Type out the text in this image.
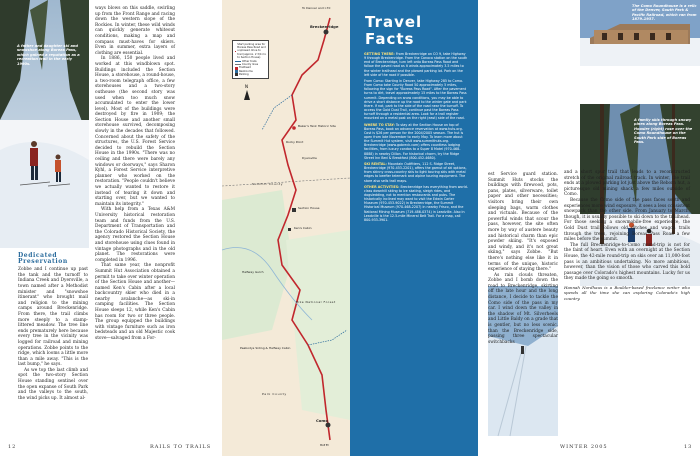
A father and daughter ski and snowshoe along Boreas Pass, which gained a reputation as a recreation trail in the early 1990s.
Dedicated Preservation

Zobbe and I continue up past the tank and the turnoff to Indiana Creek and Dyersville, a town named after a Methodist minister and "snowshoe itinerant" who brought mail and religion to the mining camps around Breckenridge. From there, the trail climbs more steeply to a stamp-littered meadow. The tree line ends prematurely here because every tree in the vicinity was logged for railroad and mining operations. Zobbe points to the ridge, which looms a little more than a mile away. "This is the last bump," he says.

As we top the last climb and spot the two-story Section House standing sentinel over the open expanse of South Park and the valleys to the south, the wind picks up. It almost al-

ways blows on this saddle, swirling up from the Front Range and racing down the western slope of the Rockies. In winter, these wild winds can quickly generate whiteout conditions, making a map and compass must-haves for skiers. Even in summer, extra layers of clothing are essential.

In 1886, 150 people lived and worked at this windblown spot. Buildings included the Section House, a storehouse, a round-house, a two-room telegraph office, a few storehouses and a two-story outhouse (the second story was used when too much snow accumulated to enter the lower level). Most of the buildings were destroyed by fire in 1909; the Section House and another small storehouse survived, decomposing slowly in the decades that followed. Concerned about the safety of the structures, the U.S. Forest Service decided to rebuild the Section House in the 1990s. "There was no ceiling and there were barely any windows or doorways," says Sharon Kyhl, a Forest Service interpretive planner who worked on the restoration. "People couldn't believe we actually wanted to restore it instead of tearing it down and starting over, but we wanted to maintain its integrity."

With help from a Texas A&M University historical restoration team and funds from the U.S. Department of Transportation and the Colorado Historical Society, the agency restored the Section House and storehouse using clues found in vintage photographs and in the old planet. The restorations were completed in 1996.

That same year, the nonprofit Summit Hut Association obtained a permit to take over winter operation of the Section House and another—named Ken's Cabin after a local backcountry skier who died in a nearby avalanche—as ski-in camping facilities. The Section House sleeps 12, while Ken's Cabin has room for two or three people. The group equipped the buildings with vintage furniture such as iron bedsteads and an old Majestic cook stove—salvaged from a For-

N
To Denver and I-70
Breckenridge
Baker's Tank Historic Site
Section House
Ken's Cabin
Como
Dyersville
Summit County
Pike National Forest
Park County
Rocky Point
Halfway Gulch
Peabodys Siding & Halfway Cabin
Start parking area for Boreas Pass Road and unplowed drive to trail (approx. 2 3/4 mi. to Section House)
Other trails
County lines
Trailhead
Restrooms
Parking
MAP BY
12	RAILS TO TRAILS
Travel
Facts

GETTING THERE: From Breckenridge on CO 9, take Highway 9 through Breckenridge. From the Conoco station on the south end of Breckenridge, turn left onto Boreas Pass Road and follow the paved road as it winds approximately 3.5 miles to the winter trailhead and the plowed parking lot. Park on the left side of the road if possible.

From Como: Starting in Denver, take Highway 285 to Como. From Como take County Road 50 approximately 5 miles, following the sign for "Boreas Pass Road". After the pavement turns to dirt, travel approximately 15 miles to the Boreas Pass summit. Depending on snow conditions, you may be able to drive a short distance up the road to the winter gate and park there. If not, park to the side of the road near the turnoff. To access the Gold Dust Trail, continue past the Boreas Pass turnoff through a residential area. Look for a trail register mounted on a metal post on the right (east) side of the road.

WHERE TO STAY: To stay at the Section House on top of Boreas Pass, book an advance reservation at www.huts.org. Cost is $26 per person for the 2004/2005 season. The hut is open from late November to early May. To learn more about the Summit Hut system, visit www.summithuts.org. Breckenridge (www.gobreck.com) offers countless lodging facilities, from luxury condos to a Super 8 Motel (970-468-8888) in nearby Dillon. For historical charm, try the Ridge Street Inn Bed & Breakfast (800-452-4680).

SKI RENTAL: Mountain Outfitters, 112 S. Ridge Street, Breckenridge (970-453-2201), offers the gamut of ski options, from skinny cross-country skis to light touring skis with metal edges to beefier telemark and alpine touring equipment. The store also sells trail maps.

OTHER ACTIVITIES: Breckenridge has everything from world-class downhill skiing to ice skating, sleigh rides, and dogsledding, not to mention restaurants and pubs. The historically inclined may want to visit the Edwin Carter Museum (970-453-9022) in Breckenridge, the Summit Historical Museum (970-468-2207) in nearby Frisco, and the National Mining Museum (719-486-0374) in Leadville. Also in Leadville is the 12.5-mile Mineral Belt Trail. For a map, call 800-933-3901.

The Como Roundhouse is a relic of the Denver, South Park & Pacific Railroad, which ran from 1879–1937.
A family skis through snowy pines along Boreas Pass. Hoosier (right) rose over the Como Roundhouse on the South Park side of Boreas Pass.

est Service guard station. Summit Huts stocks the buildings with firewood, pots, pans, plates, silverware, toilet paper and other necessities; visitors bring their own sleeping bags, warm clothes and victuals. Because of the powerful winds that scour the pass, however, the site often more by way of austere beauty and historical charm than epic powder skiing. "It's exposed and windy, and it's not great skiing," says Zobbe. "But there's nothing else like it in terms of the unique, historic experience of staying there."

As rain clouds threaten, Zobbe and I bomb down the road to Breckenridge, skirting off the late hour and the long distance, I decide to tackle the Como side of the pass in my car. I wind down the valley in the shadow of Mt. Silverheels and Little Baldy on a grade that is gentler, but no less scenic, than the Breckenridge side, passing three spectacular switchbacks

and a short spur trail that leads to a reconstructed stretch of the original railroad track. In winter, the trail ends at a plowed parking lot just above the Reborn hut, a picturesque old mining shack a few miles outside of Como.

Because the Como side of the pass faces south and experiences more wind exposure, it sees a less consistent snowpack than the other side. From January to March, though, it is usually possible to ski down to the trailhead. For those seeking a snowmobile-free experience, the Gold Dust trail follows old ditches and wagon trails through the trees, rejoining Boreas Pass Road a few miles before the summit.

The full Breckenridge-to-Como round-trip is not for the faint of heart. Even with an overnight at the Section House, the 42-mile round-trip on skis over an 11,000-foot pass is an ambitious undertaking. No more ambitious, however, than the vision of those who carved this bold passage over Colorado's highest mountains. Lucky for us they made the going so smooth.

Hannah Nordhaus is a Boulder-based freelance writer who spends all the time she can exploring Colorado's high country.

WINTER 2005	13
